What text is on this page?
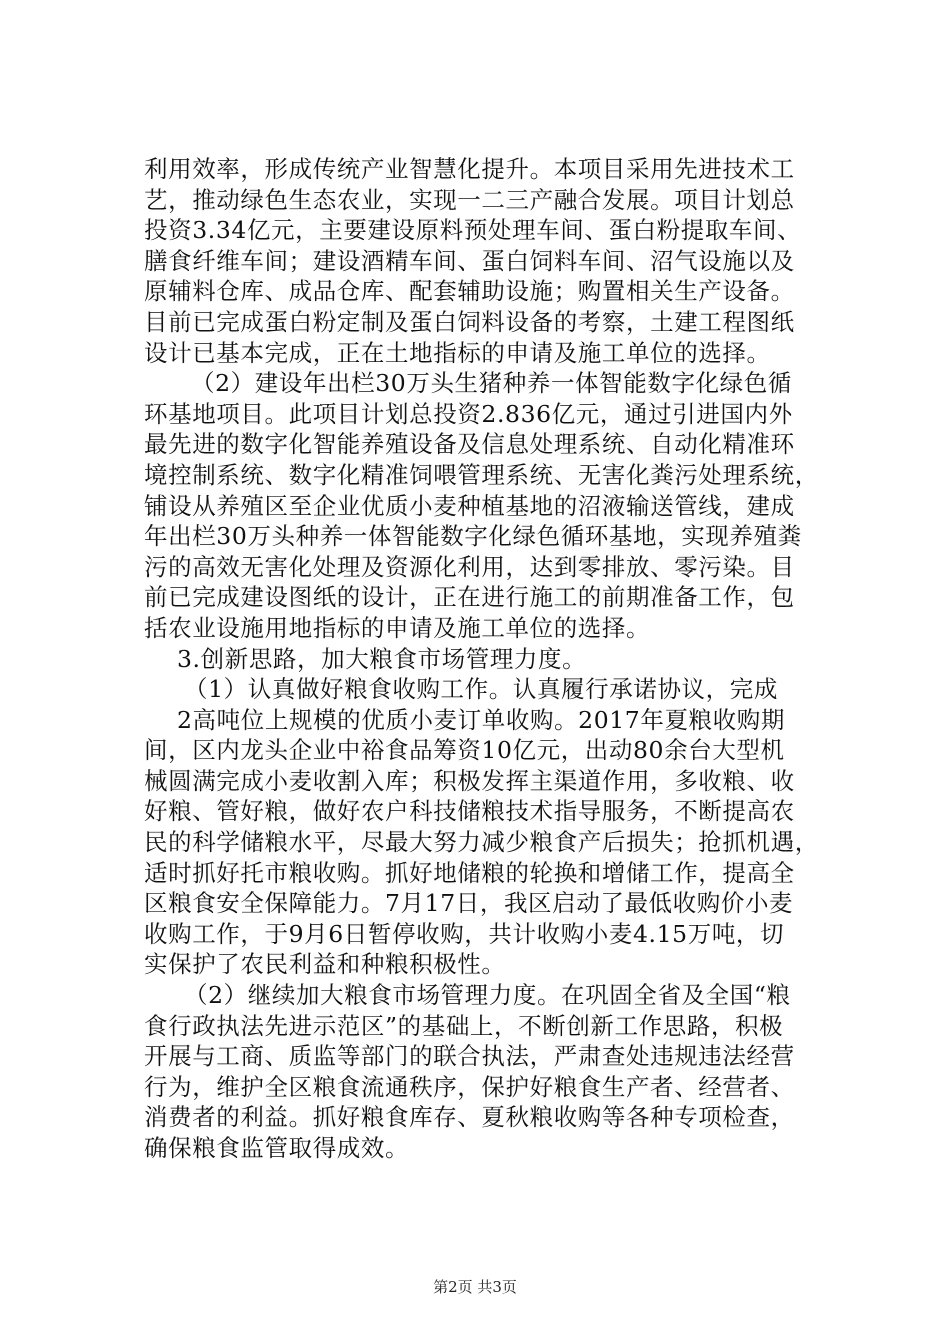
利用效率，形成传统产业智慧化提升。本项目采用先进技术工
艺，推动绿色生态农业，实现一二三产融合发展。项目计划总
投资3.34亿元，主要建设原料预处理车间、蛋白粉提取车间、
膳食纤维车间；建设酒精车间、蛋白饲料车间、沼气设施以及
原辅料仓库、成品仓库、配套辅助设施；购置相关生产设备。
目前已完成蛋白粉定制及蛋白饲料设备的考察，土建工程图纸
设计已基本完成，正在土地指标的申请及施工单位的选择。
（2）建设年出栏30万头生猪种养一体智能数字化绿色循
环基地项目。此项目计划总投资2.836亿元，通过引进国内外
最先进的数字化智能养殖设备及信息处理系统、自动化精准环
境控制系统、数字化精准饲喂管理系统、无害化粪污处理系统，
铺设从养殖区至企业优质小麦种植基地的沼液输送管线，建成
年出栏30万头种养一体智能数字化绿色循环基地，实现养殖粪
污的高效无害化处理及资源化利用，达到零排放、零污染。目
前已完成建设图纸的设计，正在进行施工的前期准备工作，包
括农业设施用地指标的申请及施工单位的选择。
3.创新思路，加大粮食市场管理力度。
（1）认真做好粮食收购工作。认真履行承诺协议，完成
2高吨位上规模的优质小麦订单收购。2017年夏粮收购期
间，区内龙头企业中裕食品筹资10亿元，出动80余台大型机
械圆满完成小麦收割入库；积极发挥主渠道作用，多收粮、收
好粮、管好粮，做好农户科技储粮技术指导服务，不断提高农
民的科学储粮水平，尽最大努力减少粮食产后损失；抢抓机遇，
适时抓好托市粮收购。抓好地储粮的轮换和增储工作，提高全
区粮食安全保障能力。7月17日，我区启动了最低收购价小麦
收购工作，于9月6日暂停收购，共计收购小麦4.15万吨，切
实保护了农民利益和种粮积极性。
（2）继续加大粮食市场管理力度。在巩固全省及全国“粮
食行政执法先进示范区”的基础上，不断创新工作思路，积极
开展与工商、质监等部门的联合执法，严肃查处违规违法经营
行为，维护全区粮食流通秩序，保护好粮食生产者、经营者、
消费者的利益。抓好粮食库存、夏秋粮收购等各种专项检查，
确保粮食监管取得成效。
第2页 共3页
